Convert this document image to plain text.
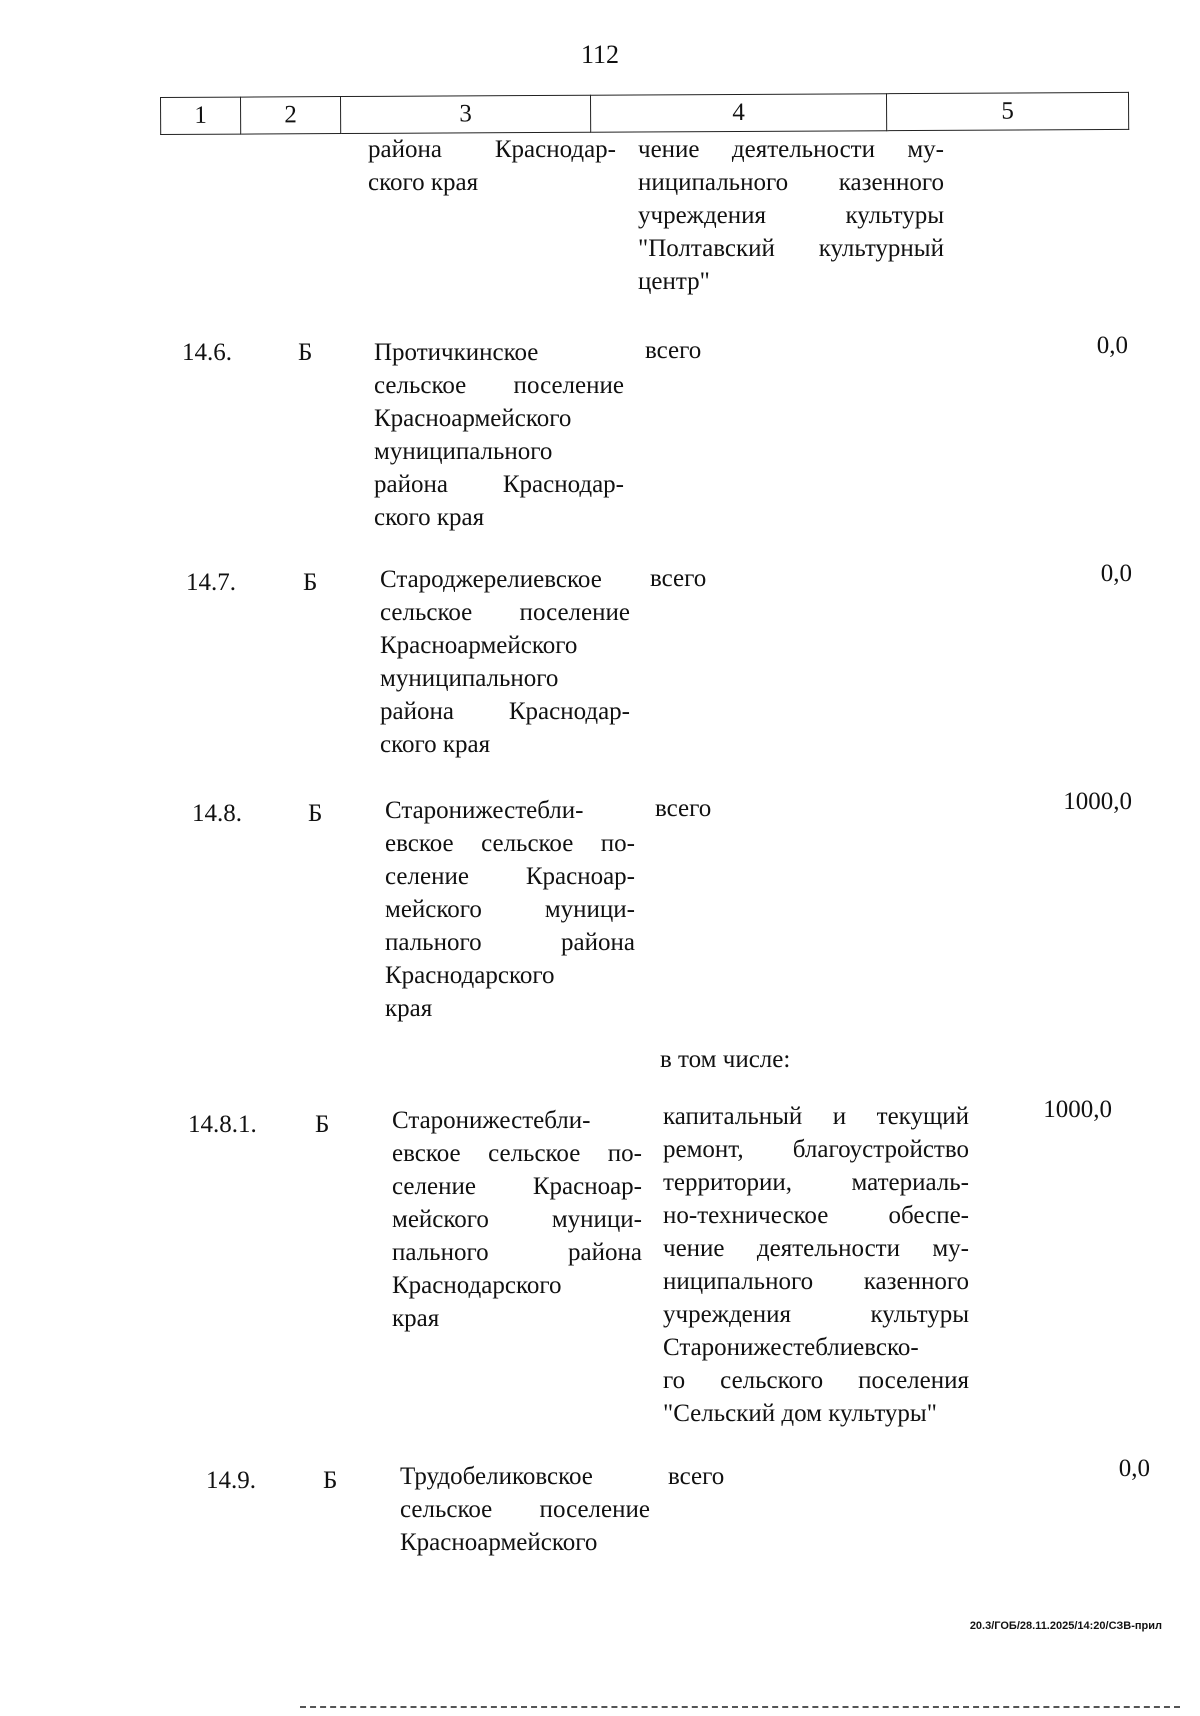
112
1	2	3	4	5
района Краснодар-
ского края
чение деятельности му-
ниципального казенного
учреждения культуры
"Полтавский культурный
центр"
14.6.	Б Протичкинское
сельское поселение
Красноармейского
муниципального
района Краснодар-
ского края
всего	0,0
14.7.	Б	Староджерелиевское
сельское поселение
Красноармейского
муниципального
района Краснодар-
ского края
всего	0,0
14.8.	Б	Старонижестебли-
евское сельское по-
селение Красноар-
мейского муници-
пального района
Краснодарского
края
всего	1000,0
в том числе:
14.8.1. Б	Старонижестебли-
евское сельское по-
селение Красноар-
мейского муници-
пального района
Краснодарского
края
капитальный и текущий
ремонт, благоустройство
территории, материаль-
но-техническое обеспе-
чение деятельности му-
ниципального казенного
учреждения культуры
Старонижестеблиевско-
го сельского поселения
"Сельский дом культуры"
1000,0
14.9.	Б	Трудобеликовское
сельское поселение
Красноармейского
всего	0,0
20.3/ГОБ/28.11.2025/14:20/СЗВ-прил
